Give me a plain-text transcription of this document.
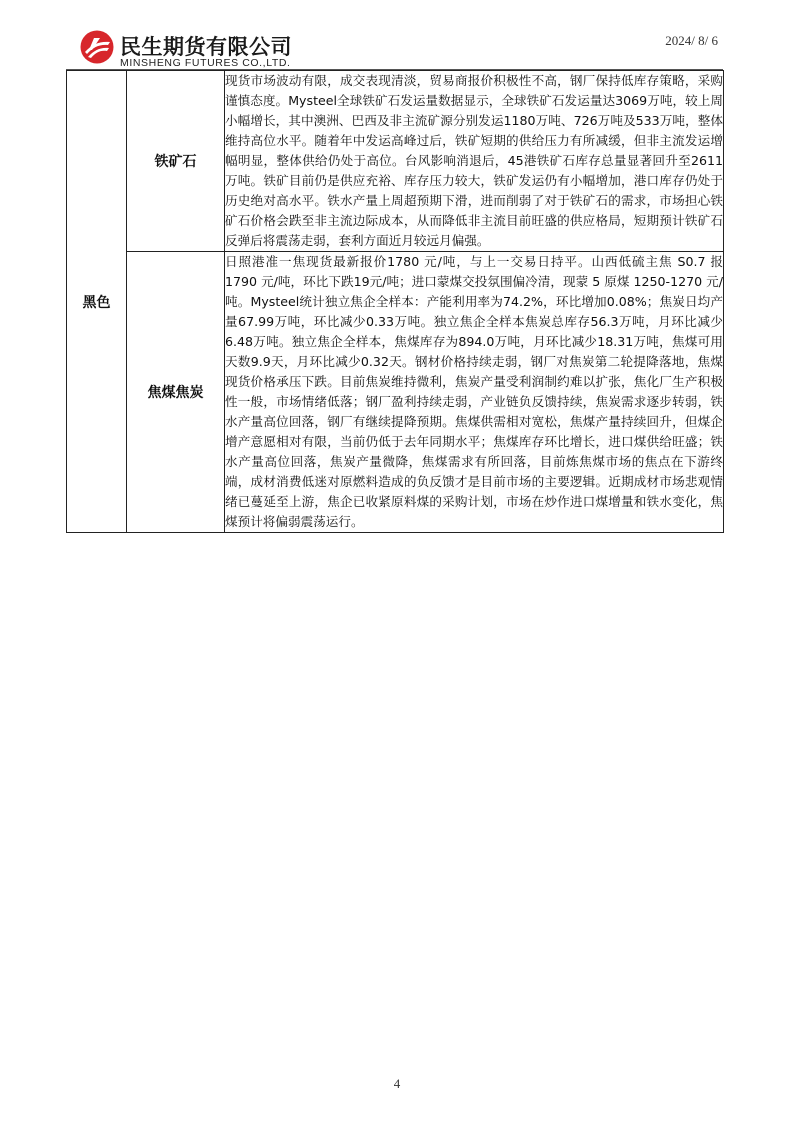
民生期货有限公司
MINSHENG FUTURES CO.,LTD.
2024/ 8/ 6
黑色	铁矿石	现货市场波动有限，成交表现清淡，贸易商报价积极性不高，钢厂保持低库存策略，采购谨慎态度。Mysteel全球铁矿石发运量数据显示，全球铁矿石发运量达3069万吨，较上周小幅增长，其中澳洲、巴西及非主流矿源分别发运1180万吨、726万吨及533万吨，整体维持高位水平。随着年中发运高峰过后，铁矿短期的供给压力有所减缓，但非主流发运增幅明显，整体供给仍处于高位。台风影响消退后，45港铁矿石库存总量显著回升至2611万吨。铁矿目前仍是供应充裕、库存压力较大，铁矿发运仍有小幅增加，港口库存仍处于历史绝对高水平。铁水产量上周超预期下滑，进而削弱了对于铁矿石的需求，市场担心铁矿石价格会跌至非主流边际成本，从而降低非主流目前旺盛的供应格局，短期预计铁矿石反弹后将震荡走弱，套利方面近月较远月偏强。
	焦煤焦炭	日照港准一焦现货最新报价1780 元/吨，与上一交易日持平。山西低硫主焦 S0.7 报 1790 元/吨，环比下跌19元/吨；进口蒙煤交投氛围偏冷清，现蒙 5 原煤 1250-1270 元/吨。Mysteel统计独立焦企全样本：产能利用率为74.2%，环比增加0.08%；焦炭日均产量67.99万吨，环比减少0.33万吨。独立焦企全样本焦炭总库存56.3万吨，月环比减少6.48万吨。独立焦企全样本，焦煤库存为894.0万吨，月环比减少18.31万吨，焦煤可用天数9.9天，月环比减少0.32天。钢材价格持续走弱，钢厂对焦炭第二轮提降落地，焦煤现货价格承压下跌。目前焦炭维持微利，焦炭产量受利润制约难以扩张，焦化厂生产积极性一般，市场情绪低落；钢厂盈利持续走弱，产业链负反馈持续，焦炭需求逐步转弱，铁水产量高位回落，钢厂有继续提降预期。焦煤供需相对宽松，焦煤产量持续回升，但煤企增产意愿相对有限，当前仍低于去年同期水平；焦煤库存环比增长，进口煤供给旺盛；铁水产量高位回落，焦炭产量微降，焦煤需求有所回落，目前炼焦煤市场的焦点在下游终端，成材消费低迷对原燃料造成的负反馈才是目前市场的主要逻辑。近期成材市场悲观情绪已蔓延至上游，焦企已收紧原料煤的采购计划，市场在炒作进口煤增量和铁水变化，焦煤预计将偏弱震荡运行。
4
